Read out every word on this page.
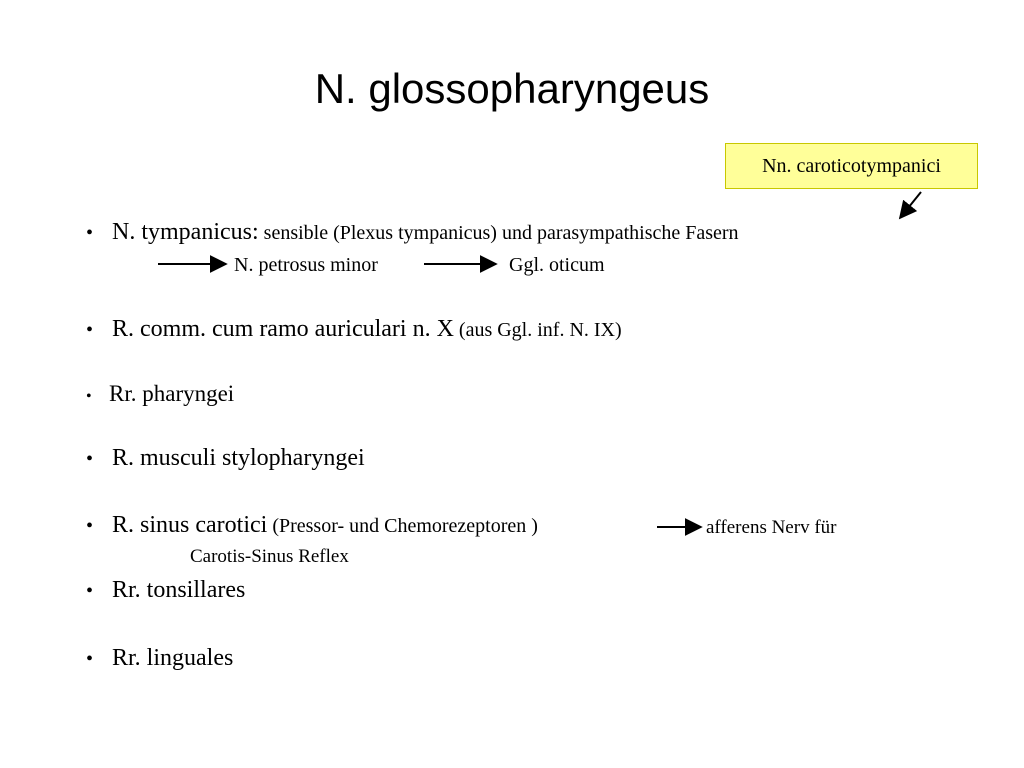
N. glossopharyngeus
Nn. caroticotympanici
• N. tympanicus: sensible (Plexus tympanicus) und parasympathische Fasern
N. petrosus minor	Ggl. oticum
• R. comm. cum ramo auriculari n. X (aus Ggl. inf. N. IX)
• Rr. pharyngei
• R. musculi stylopharyngei
• R. sinus carotici (Pressor- und Chemorezeptoren )	afferens Nerv für
Carotis-Sinus Reflex
• Rr. tonsillares
• Rr. linguales
